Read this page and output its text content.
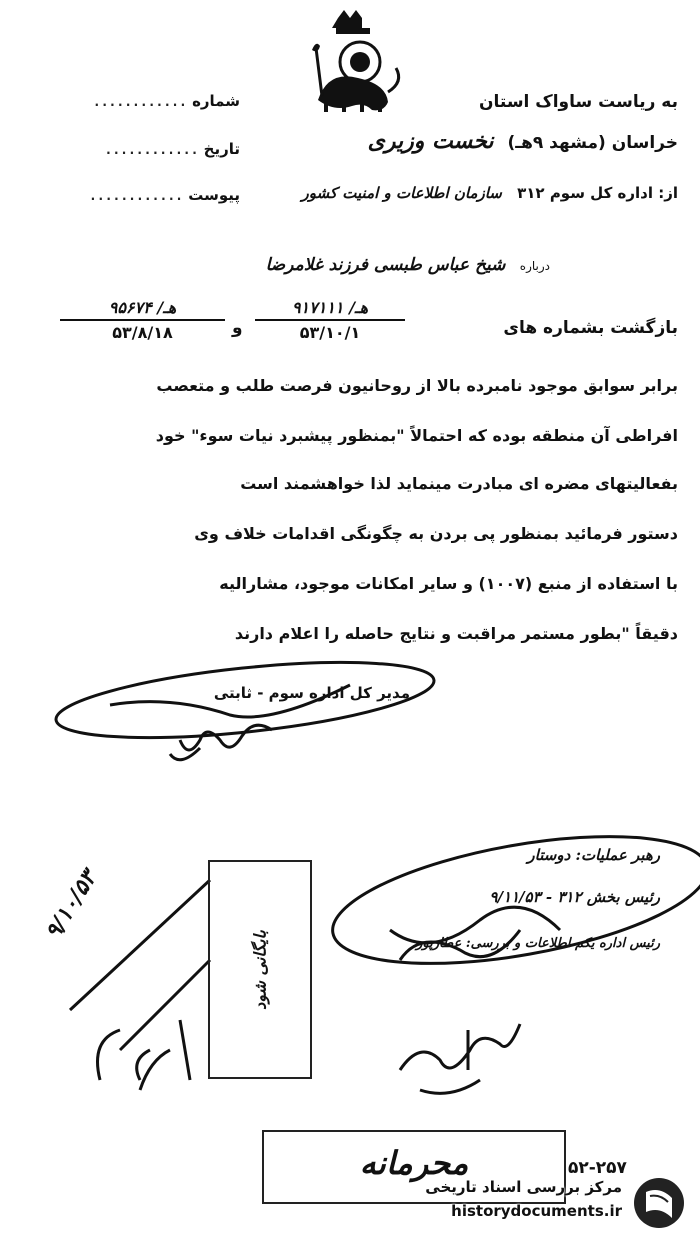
شماره ............
تاریخ ............
پیوست ............
به ریاست ساواک استان
خراسان (مشهد ۹هـ) نخست وزیری
از: اداره کل سوم ۳۱۲ سازمان اطلاعات و امنیت کشور
درباره شیخ عباس طبسی فرزند غلامرضا
بازگشت بشماره های
۹هـ/ ۱۷۱۱۱
۵۳/۱۰/۱
و
۹هـ/ ۵۶۷۴
۵۳/۸/۱۸
برابر سوابق موجود نامبرده بالا از روحانیون فرصت طلب و متعصب
افراطی آن منطقه بوده که احتمالاً "بمنظور پیشبرد نیات سوء" خود
بفعالیتهای مضره ای مبادرت مینماید لذا خواهشمند است
دستور فرمائید بمنظور پی بردن به چگونگی اقدامات خلاف وی
با استفاده از منبع (۱۰۰۷) و سایر امکانات موجود، مشارالیه
دقیقاً "بطور مستمر مراقبت و نتایج حاصله را اعلام دارند
مدیر کل اداره سوم - ثابتی
رهبر عملیات: دوستار
رئیس بخش ۳۱۲ - ۹/۱۱/۵۳
رئیس اداره یکم اطلاعات و بررسی: عطارپور
بایگانی شود
۹/۱۰/۵۳
محرمانه	۵۲-۲۵۷
مرکز بررسی اسناد تاریخی
historydocuments.ir
